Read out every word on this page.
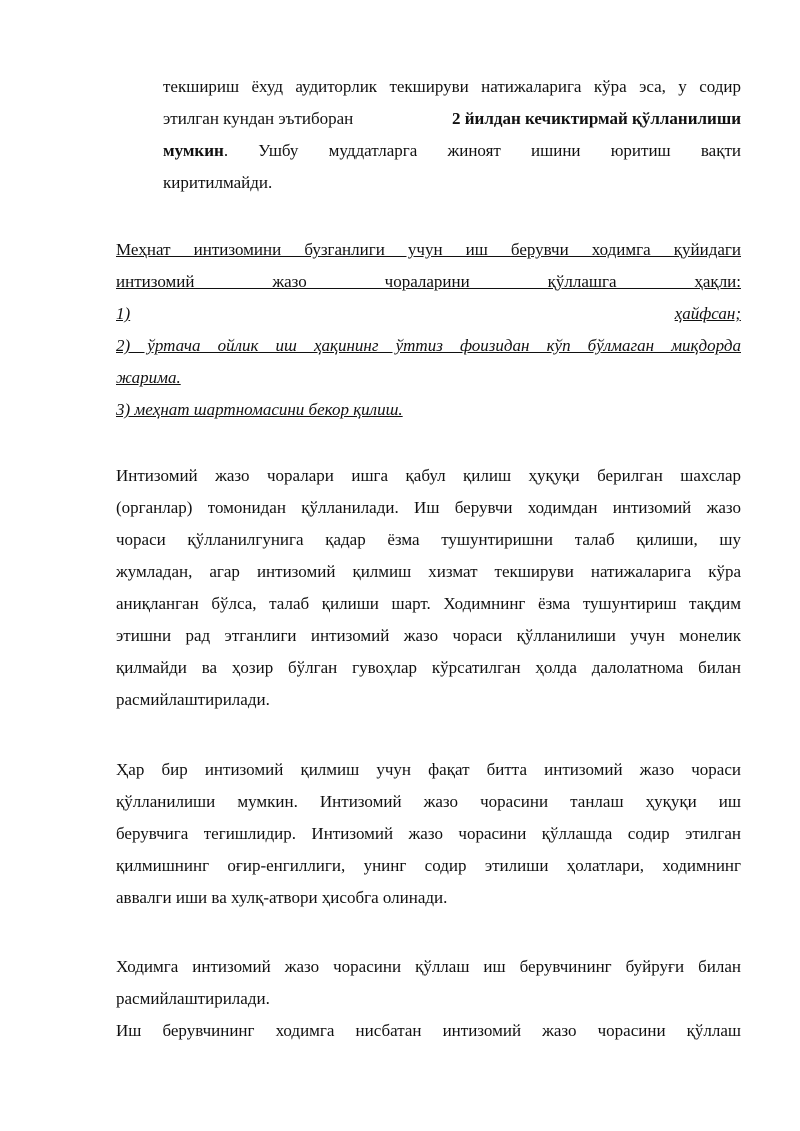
текшириш ёхуд аудиторлик текшируви натижаларига кўра эса, у содир
этилган кундан эътиборан	2 йилдан кечиктирмай қўлланилиши
мумкин . Ушбу муддатларга жиноят ишини юритиш вақти
киритилмайди.
Меҳнат интизомини бузганлиги учун иш берувчи ходимга қуйидаги
интизомий жазо чораларини қўллашга ҳақли:
1)	ҳайфсан;
2) ўртача ойлик иш ҳақининг ўттиз фоизидан кўп бўлмаган миқдорда
жарима.
3) меҳнат шартномасини бекор қилиш.
Интизомий жазо чоралари ишга қабул қилиш ҳуқуқи берилган шахслар
(органлар) томонидан қўлланилади. Иш берувчи ходимдан интизомий жазо
чораси қўлланилгунига қадар ёзма тушунтиришни талаб қилиши, шу
жумладан, агар интизомий қилмиш хизмат текшируви натижаларига кўра
аниқланган бўлса, талаб қилиши шарт. Ходимнинг ёзма тушунтириш тақдим
этишни рад этганлиги интизомий жазо чораси қўлланилиши учун монелик
қилмайди ва ҳозир бўлган гувоҳлар кўрсатилган ҳолда далолатнома билан
расмийлаштирилади.
Ҳар бир интизомий қилмиш учун фақат битта интизомий жазо чораси
қўлланилиши мумкин. Интизомий жазо чорасини танлаш ҳуқуқи иш
берувчига тегишлидир. Интизомий жазо чорасини қўллашда содир этилган
қилмишнинг оғир-енгиллиги, унинг содир этилиши ҳолатлари, ходимнинг
аввалги иши ва хулқ-атвори ҳисобга олинади.
Ходимга интизомий жазо чорасини қўллаш иш берувчининг буйруғи билан
расмийлаштирилади.
Иш берувчининг ходимга нисбатан интизомий жазо чорасини қўллаш
